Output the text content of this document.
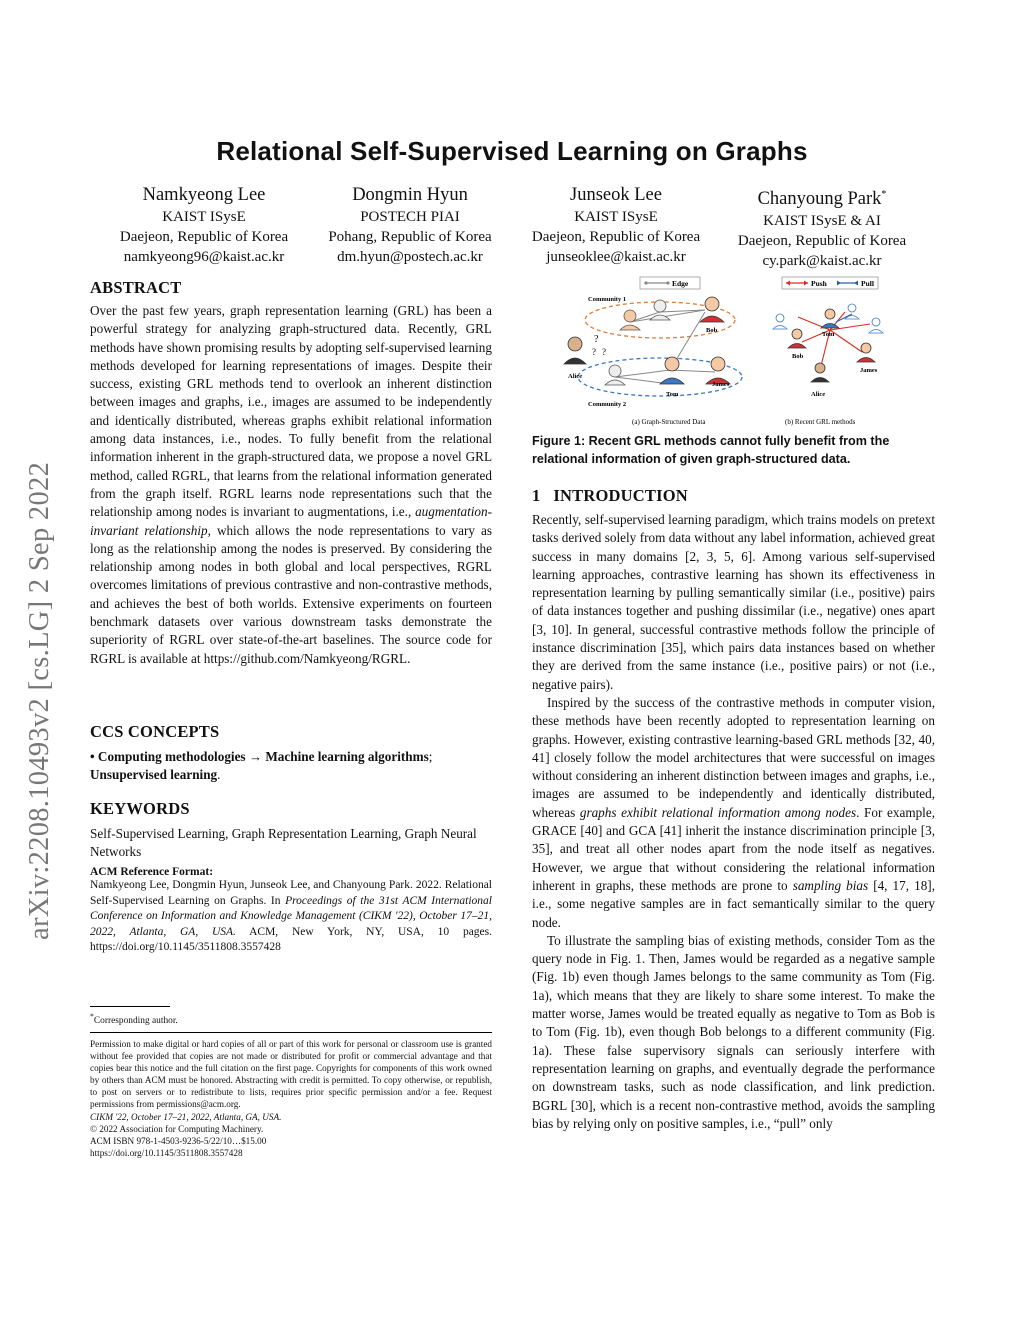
arXiv:2208.10493v2 [cs.LG] 2 Sep 2022
Relational Self-Supervised Learning on Graphs
Namkyeong Lee
KAIST ISysE
Daejeon, Republic of Korea
namkyeong96@kaist.ac.kr
Dongmin Hyun
POSTECH PIAI
Pohang, Republic of Korea
dm.hyun@postech.ac.kr
Junseok Lee
KAIST ISysE
Daejeon, Republic of Korea
junseoklee@kaist.ac.kr
Chanyoung Park*
KAIST ISysE & AI
Daejeon, Republic of Korea
cy.park@kaist.ac.kr
ABSTRACT

Over the past few years, graph representation learning (GRL) has been a powerful strategy for analyzing graph-structured data. Recently, GRL methods have shown promising results by adopting self-supervised learning methods developed for learning representations of images. Despite their success, existing GRL methods tend to overlook an inherent distinction between images and graphs, i.e., images are assumed to be independently and identically distributed, whereas graphs exhibit relational information among data instances, i.e., nodes. To fully benefit from the relational information inherent in the graph-structured data, we propose a novel GRL method, called RGRL, that learns from the relational information generated from the graph itself. RGRL learns node representations such that the relationship among nodes is invariant to augmentations, i.e., augmentation-invariant relationship, which allows the node representations to vary as long as the relationship among the nodes is preserved. By considering the relationship among nodes in both global and local perspectives, RGRL overcomes limitations of previous contrastive and non-contrastive methods, and achieves the best of both worlds. Extensive experiments on fourteen benchmark datasets over various downstream tasks demonstrate the superiority of RGRL over state-of-the-art baselines. The source code for RGRL is available at https://github.com/Namkyeong/RGRL.

CCS CONCEPTS

• Computing methodologies → Machine learning algorithms; Unsupervised learning.

KEYWORDS

Self-Supervised Learning, Graph Representation Learning, Graph Neural Networks

ACM Reference Format:

Namkyeong Lee, Dongmin Hyun, Junseok Lee, and Chanyoung Park. 2022. Relational Self-Supervised Learning on Graphs. In Proceedings of the 31st ACM International Conference on Information and Knowledge Management (CIKM '22), October 17–21, 2022, Atlanta, GA, USA. ACM, New York, NY, USA, 10 pages. https://doi.org/10.1145/3511808.3557428

*Corresponding author.

Permission to make digital or hard copies of all or part of this work for personal or classroom use is granted without fee provided that copies are not made or distributed for profit or commercial advantage and that copies bear this notice and the full citation on the first page. Copyrights for components of this work owned by others than ACM must be honored. Abstracting with credit is permitted. To copy otherwise, or republish, to post on servers or to redistribute to lists, requires prior specific permission and/or a fee. Request permissions from permissions@acm.org.

CIKM '22, October 17–21, 2022, Atlanta, GA, USA.

© 2022 Association for Computing Machinery.

ACM ISBN 978-1-4503-9236-5/22/10…$15.00

https://doi.org/10.1145/3511808.3557428

Edge
Community 1
Community 2
Bob
Alice
?
? ?
Tom
James
(a) Graph-Structured Data
Push	Pull
Tom
Bob
Alice
James
(b) Recent GRL methods

Figure 1: Recent GRL methods cannot fully benefit from the relational information of given graph-structured data.

1   INTRODUCTION

Recently, self-supervised learning paradigm, which trains models on pretext tasks derived solely from data without any label information, achieved great success in many domains [2, 3, 5, 6]. Among various self-supervised learning approaches, contrastive learning has shown its effectiveness in representation learning by pulling semantically similar (i.e., positive) pairs of data instances together and pushing dissimilar (i.e., negative) ones apart [3, 10]. In general, successful contrastive methods follow the principle of instance discrimination [35], which pairs data instances based on whether they are derived from the same instance (i.e., positive pairs) or not (i.e., negative pairs).

Inspired by the success of the contrastive methods in computer vision, these methods have been recently adopted to representation learning on graphs. However, existing contrastive learning-based GRL methods [32, 40, 41] closely follow the model architectures that were successful on images without considering an inherent distinction between images and graphs, i.e., images are assumed to be independently and identically distributed, whereas graphs exhibit relational information among nodes. For example, GRACE [40] and GCA [41] inherit the instance discrimination principle [3, 35], and treat all other nodes apart from the node itself as negatives. However, we argue that without considering the relational information inherent in graphs, these methods are prone to sampling bias [4, 17, 18], i.e., some negative samples are in fact semantically similar to the query node.

To illustrate the sampling bias of existing methods, consider Tom as the query node in Fig. 1. Then, James would be regarded as a negative sample (Fig. 1b) even though James belongs to the same community as Tom (Fig. 1a), which means that they are likely to share some interest. To make the matter worse, James would be treated equally as negative to Tom as Bob is to Tom (Fig. 1b), even though Bob belongs to a different community (Fig. 1a). These false supervisory signals can seriously interfere with representation learning on graphs, and eventually degrade the performance on downstream tasks, such as node classification, and link prediction. BGRL [30], which is a recent non-contrastive method, avoids the sampling bias by relying only on positive samples, i.e., “pull” only
